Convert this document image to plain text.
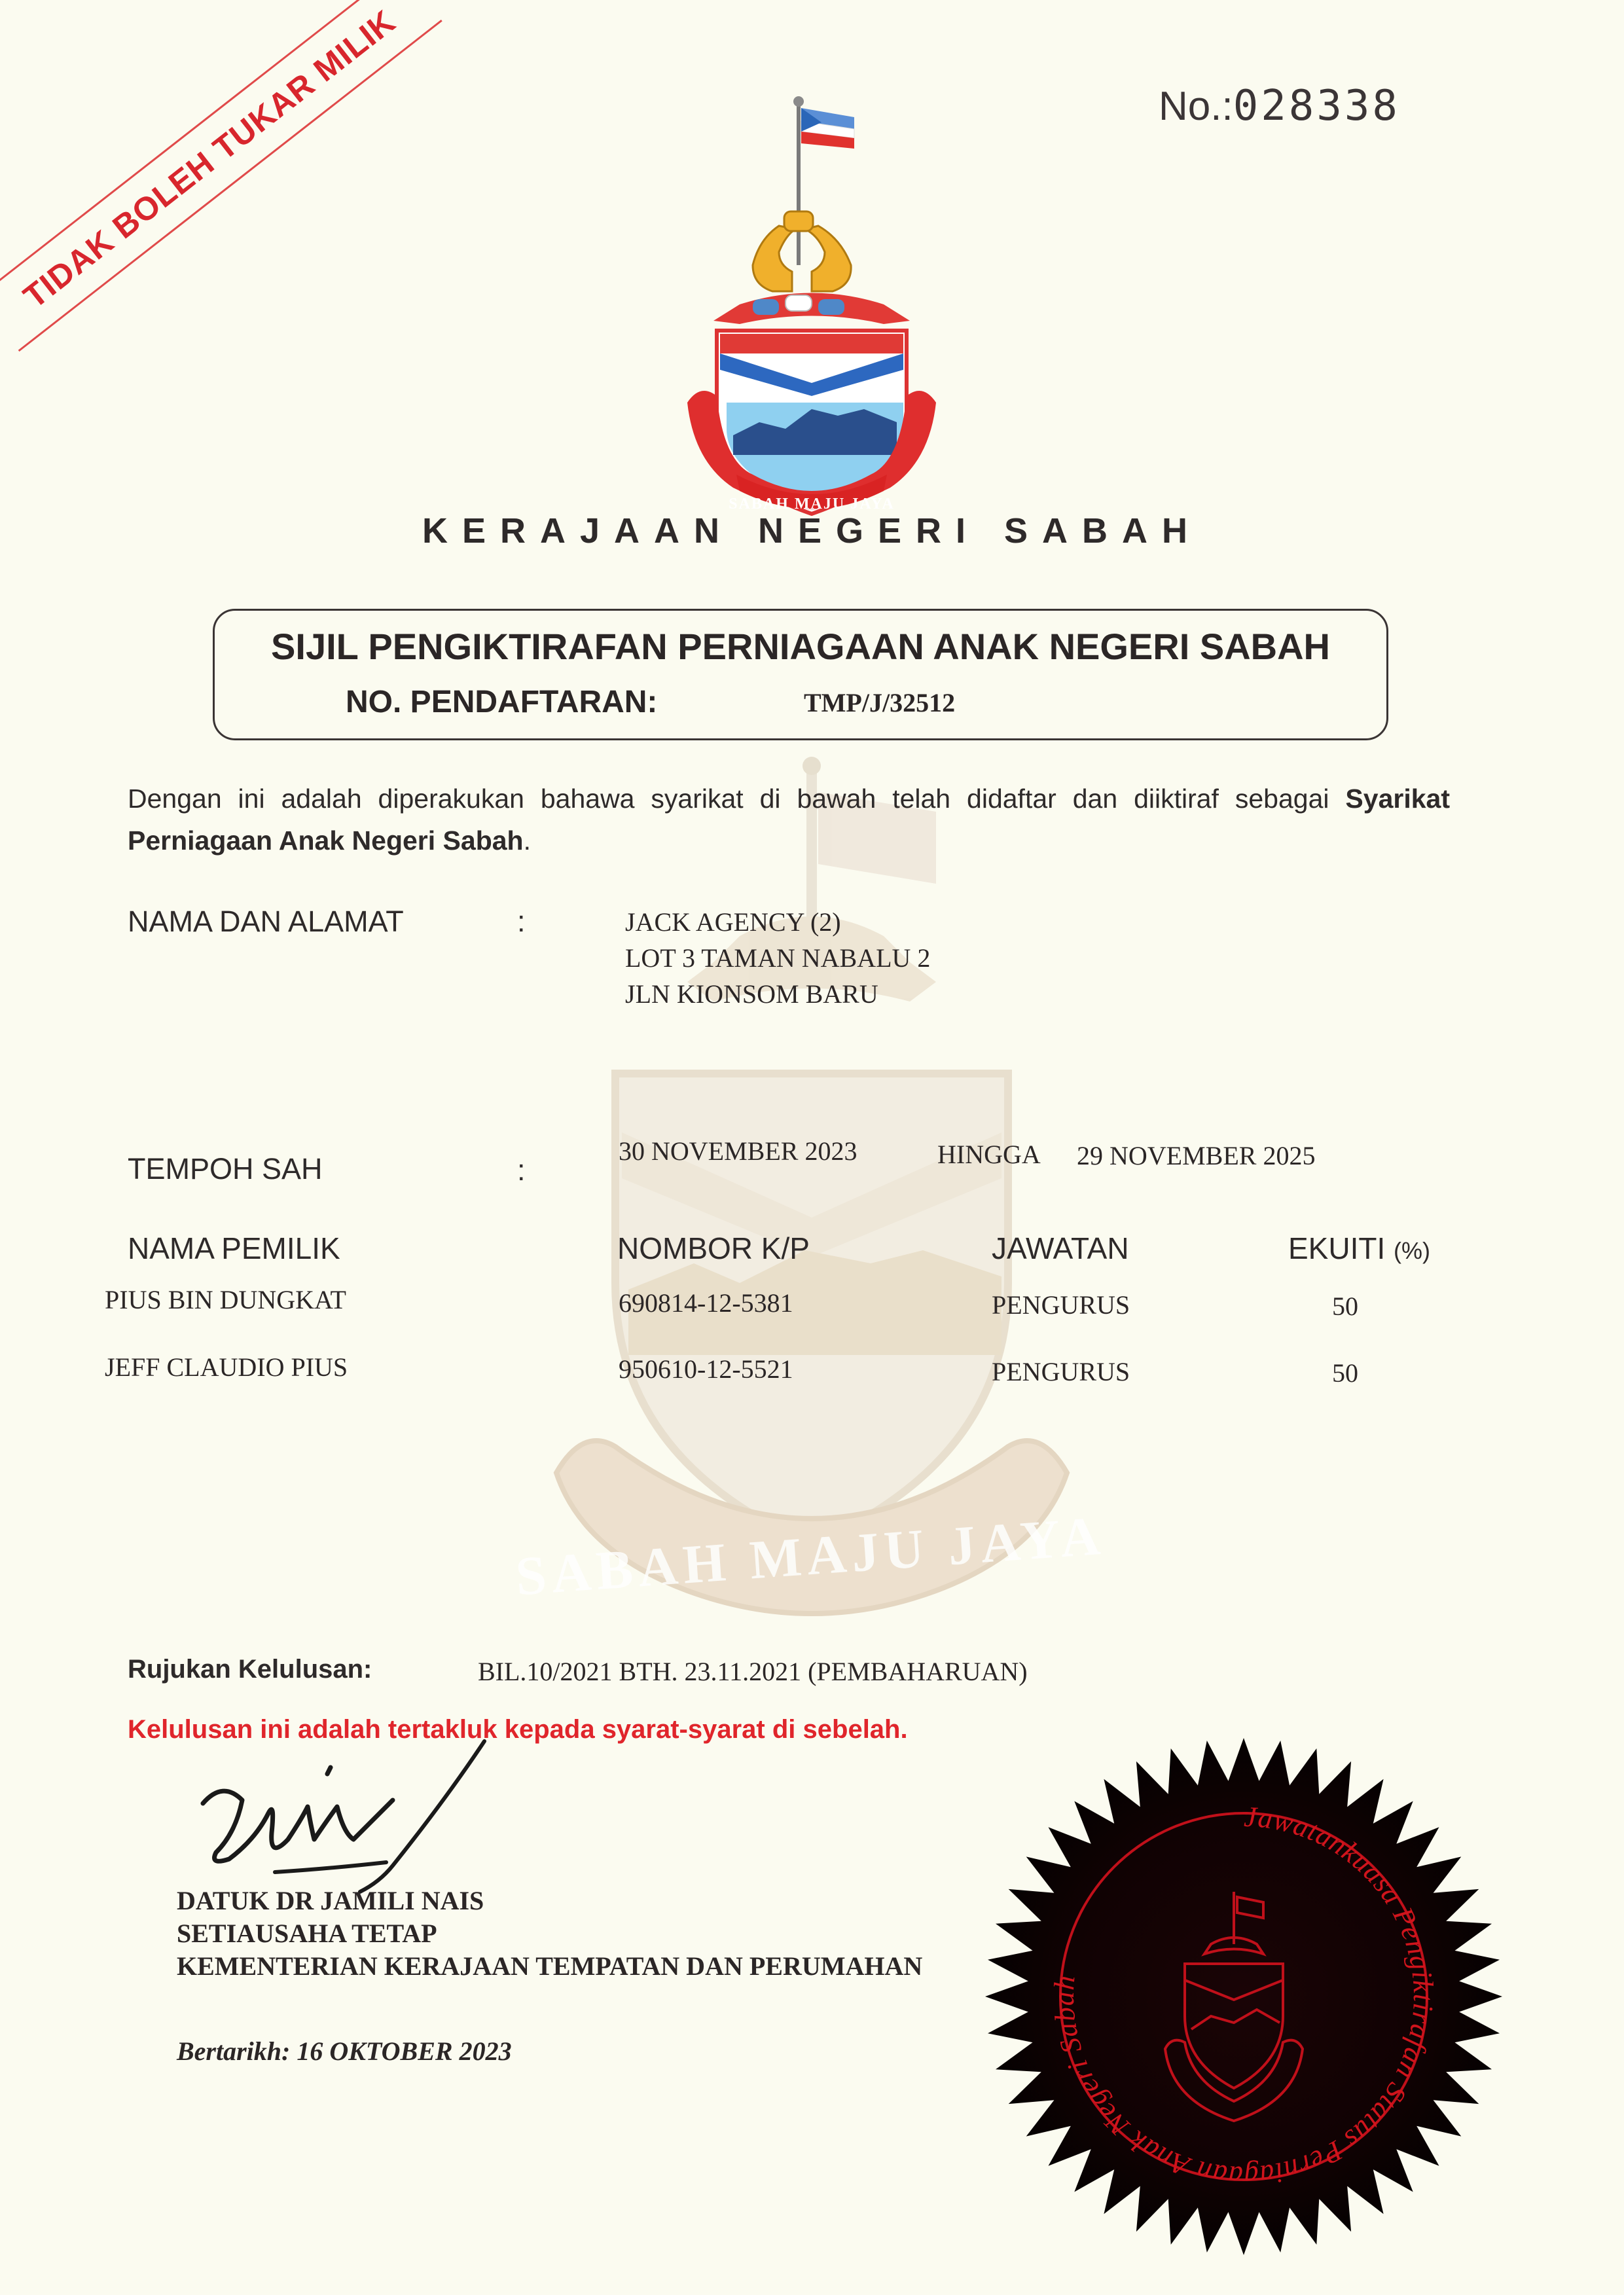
SABAH MAJU JAYA
TIDAK BOLEH TUKAR MILIK	No.:028338
SABAH MAJU JAYA
KERAJAAN NEGERI SABAH
SIJIL PENGIKTIRAFAN PERNIAGAAN ANAK NEGERI SABAH
NO. PENDAFTARAN:	TMP/J/32512
Dengan ini adalah diperakukan bahawa syarikat di bawah telah didaftar dan diiktiraf sebagai Syarikat Perniagaan Anak Negeri Sabah.
NAMA DAN ALAMAT	:	JACK AGENCY (2)
LOT 3 TAMAN NABALU 2
JLN KIONSOM BARU
TEMPOH SAH	:
30 NOVEMBER 2023	HINGGA 29 NOVEMBER 2025
NAMA PEMILIK	NOMBOR K/P	JAWATAN	EKUITI (%)
PIUS BIN DUNGKAT	690814-12-5381	PENGURUS	50
JEFF CLAUDIO PIUS	950610-12-5521	PENGURUS	50
Rujukan Kelulusan:	BIL.10/2021 BTH. 23.11.2021 (PEMBAHARUAN)
Kelulusan ini adalah tertakluk kepada syarat-syarat di sebelah.
DATUK DR JAMILI NAIS
SETIAUSAHA TETAP
KEMENTERIAN KERAJAAN TEMPATAN DAN PERUMAHAN
Bertarikh: 16 OKTOBER 2023
Jawatankuasa Pengiktirafan Status Perniagaan Anak Negeri Sabah
